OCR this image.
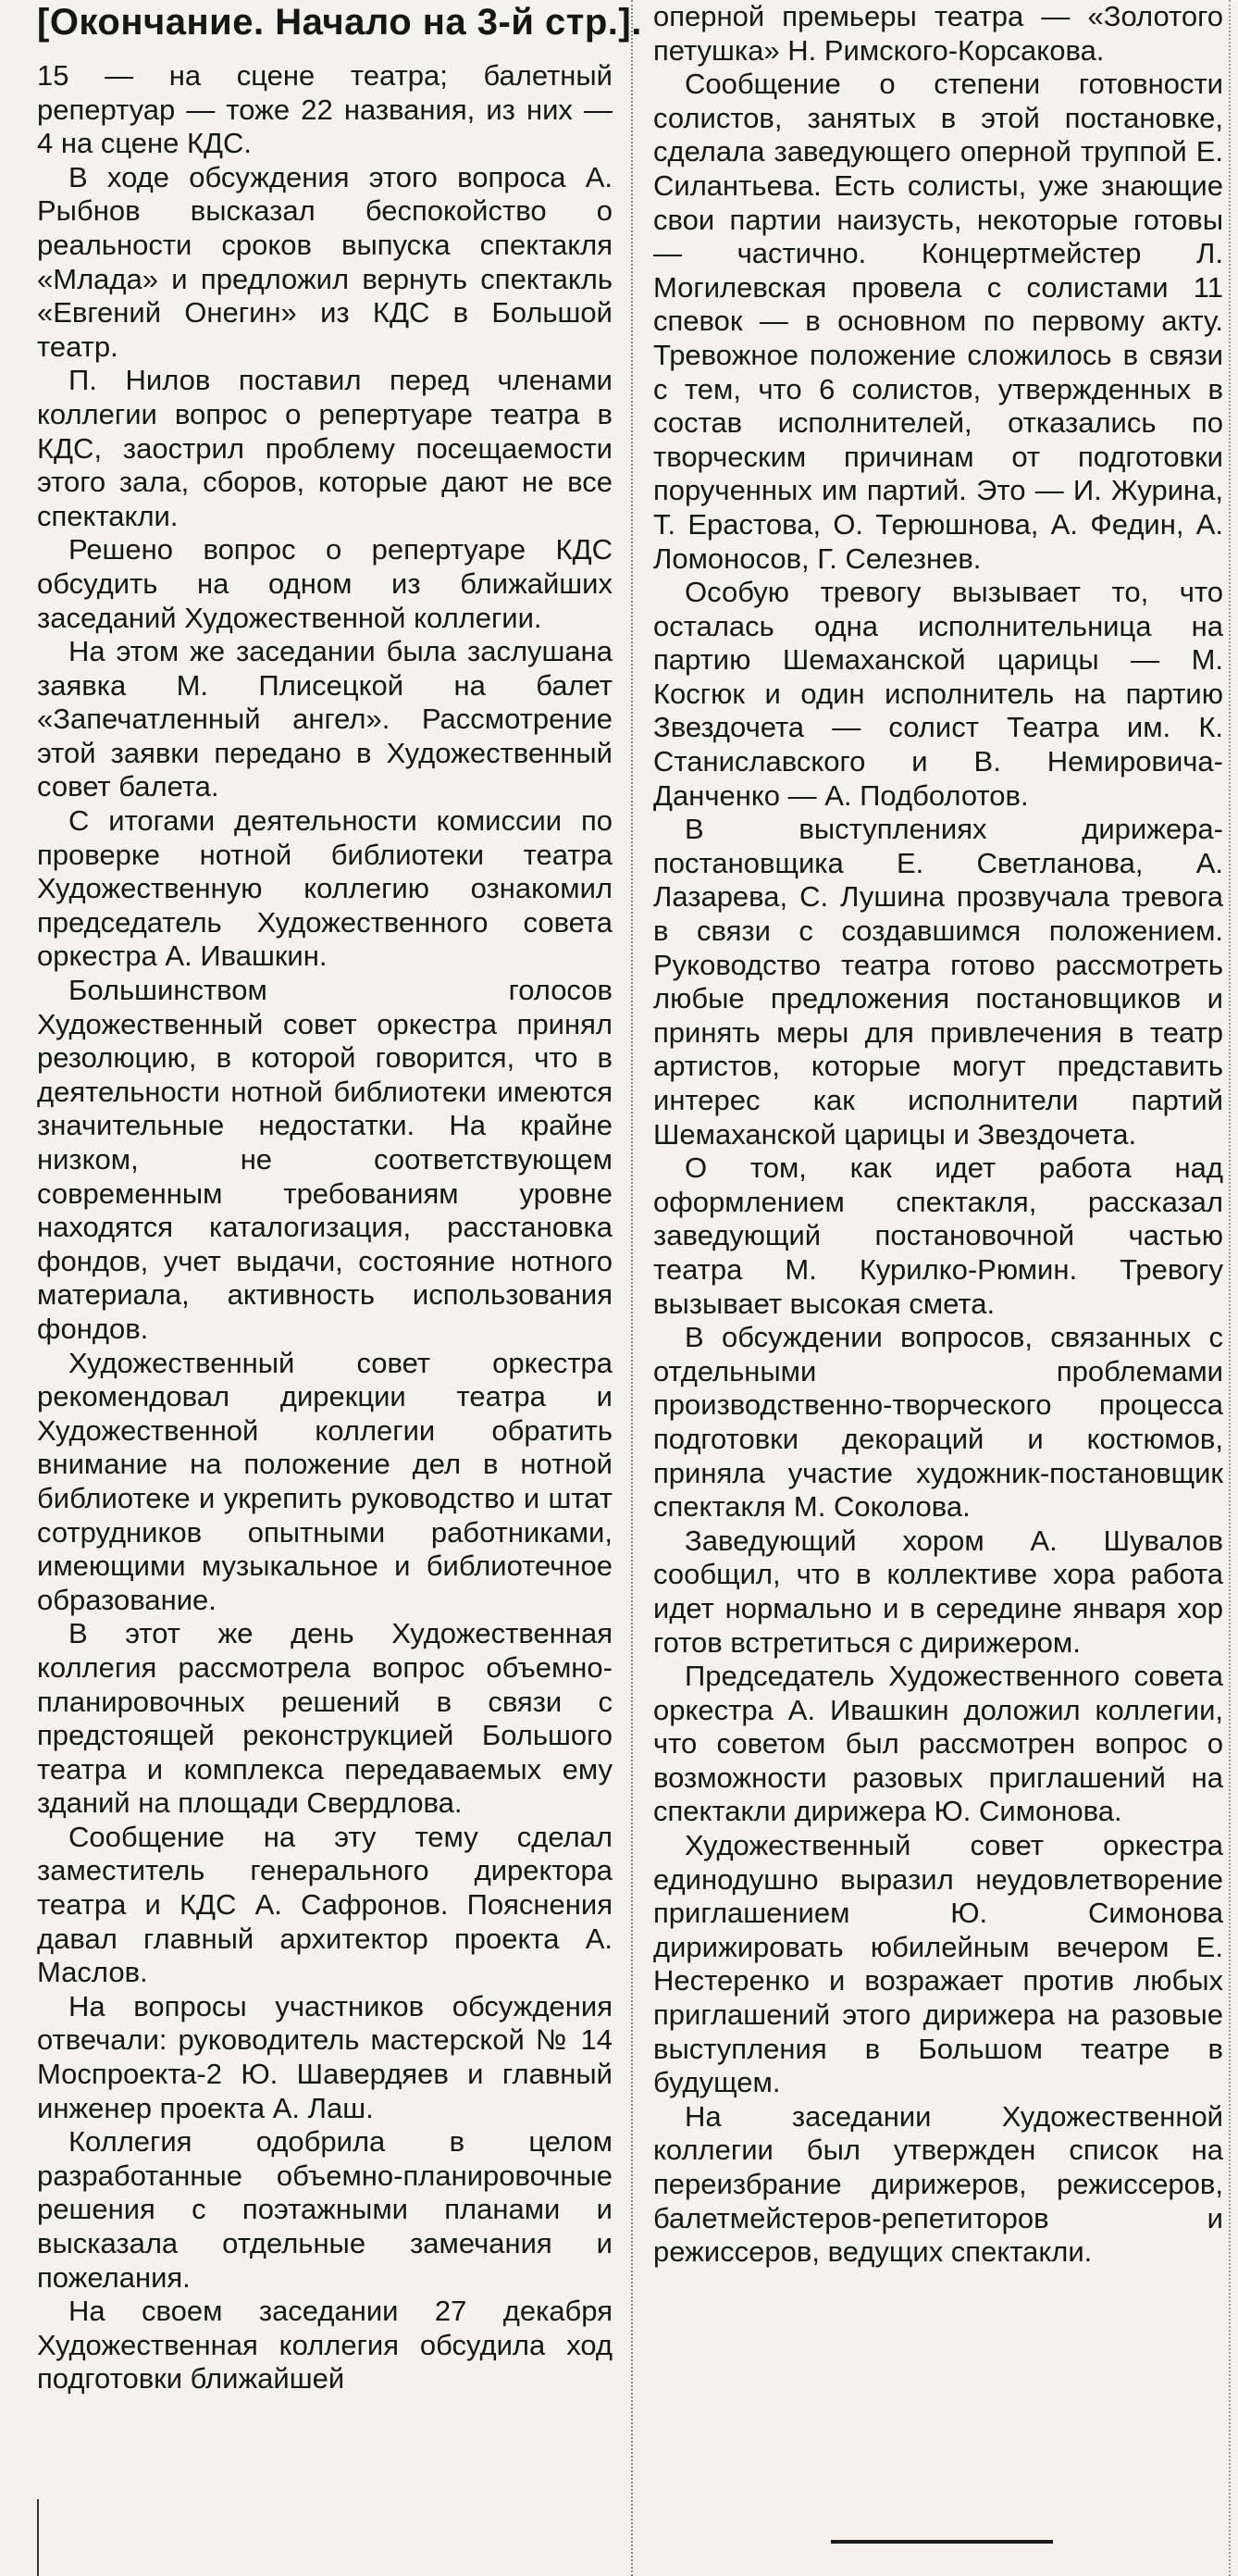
[Окончание. Начало на 3-й стр.].

15 — на сцене театра; балетный репертуар — тоже 22 названия, из них — 4 на сцене КДС.

В ходе обсуждения этого вопроса А. Рыбнов высказал беспокойство о реальности сроков выпуска спектакля «Млада» и предложил вернуть спектакль «Евгений Онегин» из КДС в Большой театр.

П. Нилов поставил перед членами коллегии вопрос о репертуаре театра в КДС, заострил проблему посещаемости этого зала, сборов, которые дают не все спектакли.

Решено вопрос о репертуаре КДС обсудить на одном из ближайших заседаний Художественной коллегии.

На этом же заседании была заслушана заявка М. Плисецкой на балет «Запечатленный ангел». Рассмотрение этой заявки передано в Художественный совет балета.

С итогами деятельности комиссии по проверке нотной библиотеки театра Художественную коллегию ознакомил председатель Художественного совета оркестра А. Ивашкин.

Большинством голосов Художественный совет оркестра принял резолюцию, в которой говорится, что в деятельности нотной библиотеки имеются значительные недостатки. На крайне низком, не соответствующем современным требованиям уровне находятся каталогизация, расстановка фондов, учет выдачи, состояние нотного материала, активность использования фондов.

Художественный совет оркестра рекомендовал дирекции театра и Художественной коллегии обратить внимание на положение дел в нотной библиотеке и укрепить руководство и штат сотрудников опытными работниками, имеющими музыкальное и библиотечное образование.

В этот же день Художественная коллегия рассмотрела вопрос объемно-планировочных решений в связи с предстоящей реконструкцией Большого театра и комплекса передаваемых ему зданий на площади Свердлова.

Сообщение на эту тему сделал заместитель генерального директора театра и КДС А. Сафронов. Пояснения давал главный архитектор проекта А. Маслов.

На вопросы участников обсуждения отвечали: руководитель мастерской № 14 Моспроекта-2 Ю. Шавердяев и главный инженер проекта А. Лаш.

Коллегия одобрила в целом разработанные объемно-планировочные решения с поэтажными планами и высказала отдельные замечания и пожелания.

На своем заседании 27 декабря Художественная коллегия обсудила ход подготовки ближайшей

оперной премьеры театра — «Золотого петушка» Н. Римского-Корсакова.

Сообщение о степени готовности солистов, занятых в этой постановке, сделала заведующего оперной труппой Е. Силантьева. Есть солисты, уже знающие свои партии наизусть, некоторые готовы — частично. Концертмейстер Л. Могилевская провела с солистами 11 спевок — в основном по первому акту. Тревожное положение сложилось в связи с тем, что 6 солистов, утвержденных в состав исполнителей, отказались по творческим причинам от подготовки порученных им партий. Это — И. Журина, Т. Ерастова, О. Терюшнова, А. Федин, А. Ломоносов, Г. Селезнев.

Особую тревогу вызывает то, что осталась одна исполнительница на партию Шемаханской царицы — М. Косгюк и один исполнитель на партию Звездочета — солист Театра им. К. Станиславского и В. Немировича-Данченко — А. Подболотов.

В выступлениях дирижера-постановщика Е. Светланова, А. Лазарева, С. Лушина прозвучала тревога в связи с создавшимся положением. Руководство театра готово рассмотреть любые предложения постановщиков и принять меры для привлечения в театр артистов, которые могут представить интерес как исполнители партий Шемаханской царицы и Звездочета.

О том, как идет работа над оформлением спектакля, рассказал заведующий постановочной частью театра М. Курилко-Рюмин. Тревогу вызывает высокая смета.

В обсуждении вопросов, связанных с отдельными проблемами производственно-творческого процесса подготовки декораций и костюмов, приняла участие художник-постановщик спектакля М. Соколова.

Заведующий хором А. Шувалов сообщил, что в коллективе хора работа идет нормально и в середине января хор готов встретиться с дирижером.

Председатель Художественного совета оркестра А. Ивашкин доложил коллегии, что советом был рассмотрен вопрос о возможности разовых приглашений на спектакли дирижера Ю. Симонова.

Художественный совет оркестра единодушно выразил неудовлетворение приглашением Ю. Симонова дирижировать юбилейным вечером Е. Нестеренко и возражает против любых приглашений этого дирижера на разовые выступления в Большом театре в будущем.

На заседании Художественной коллегии был утвержден список на переизбрание дирижеров, режиссеров, балетмейстеров-репетиторов и режиссеров, ведущих спектакли.
